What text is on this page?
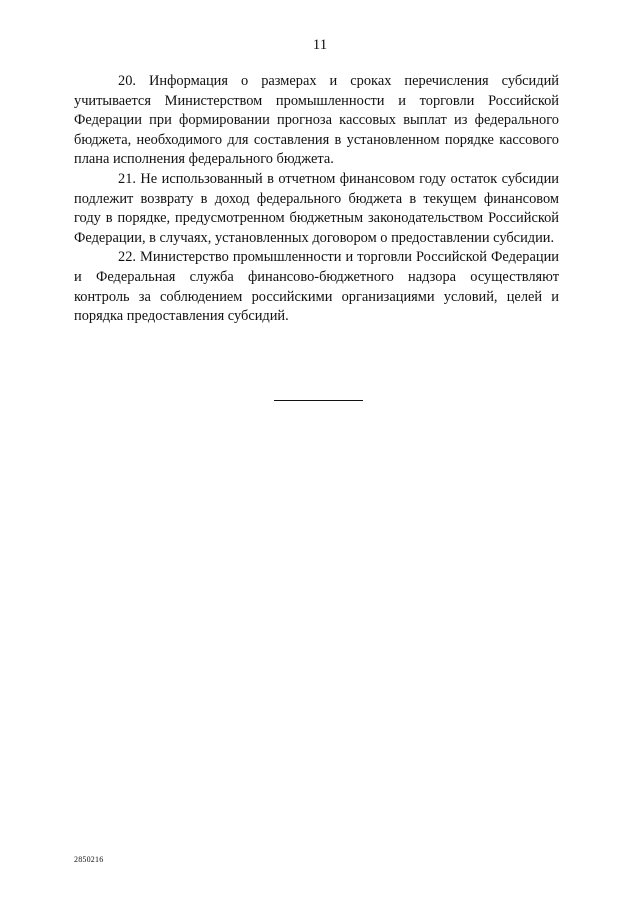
11

20. Информация о размерах и сроках перечисления субсидий учитывается Министерством промышленности и торговли Российской Федерации при формировании прогноза кассовых выплат из федерального бюджета, необходимого для составления в установленном порядке кассового плана исполнения федерального бюджета.

21. Не использованный в отчетном финансовом году остаток субсидии подлежит возврату в доход федерального бюджета в текущем финансовом году в порядке, предусмотренном бюджетным законодательством Российской Федерации, в случаях, установленных договором о предоставлении субсидии.

22. Министерство промышленности и торговли Российской Федерации и Федеральная служба финансово-бюджетного надзора осуществляют контроль за соблюдением российскими организациями условий, целей и порядка предоставления субсидий.

2850216
